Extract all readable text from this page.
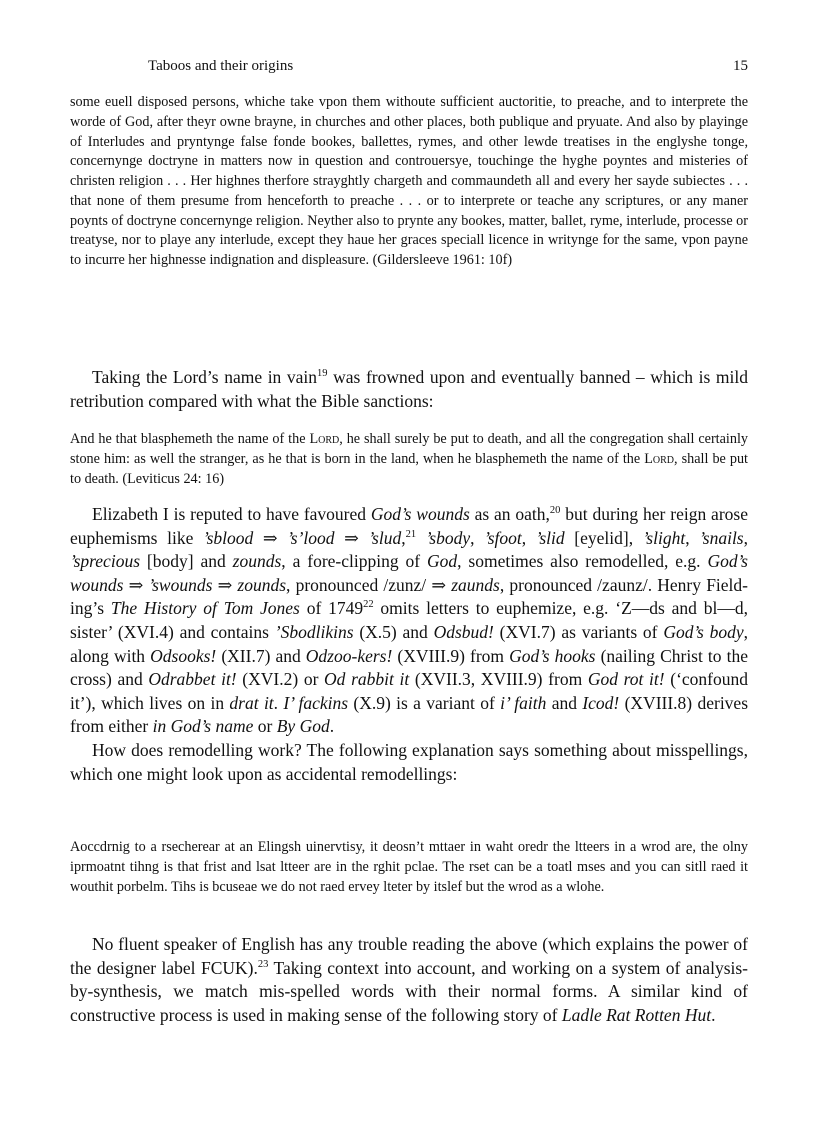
Taboos and their origins	15
some euell disposed persons, whiche take vpon them withoute sufficient auctoritie, to preache, and to interprete the worde of God, after theyr owne brayne, in churches and other places, both publique and pryuate. And also by playinge of Interludes and pryntynge false fonde bookes, ballettes, rymes, and other lewde treatises in the englyshe tonge, concernynge doctryne in matters now in question and controuersye, touchinge the hyghe poyntes and misteries of christen religion . . . Her highnes therfore strayghtly chargeth and commaundeth all and every her sayde subiectes . . . that none of them presume from henceforth to preache . . . or to interprete or teache any scriptures, or any maner poynts of doctryne concernynge religion. Neyther also to prynte any bookes, matter, ballet, ryme, interlude, processe or treatyse, nor to playe any interlude, except they haue her graces speciall licence in writynge for the same, vpon payne to incurre her highnesse indignation and displeasure. (Gildersleeve 1961: 10f)
Taking the Lord’s name in vain$^{19}$ was frowned upon and eventually banned – which is mild retribution compared with what the Bible sanctions:
And he that blasphemeth the name of the Lord, he shall surely be put to death, and all the congregation shall certainly stone him: as well the stranger, as he that is born in the land, when he blasphemeth the name of the Lord, shall be put to death. (Leviticus 24: 16)

Elizabeth I is reputed to have favoured God’s wounds as an oath,$^{20}$ but during her reign arose euphemisms like ’sblood ⇒ ’s’lood ⇒ ’slud,$^{21}$ ’sbody, ’sfoot, ’slid [eyelid], ’slight, ’snails, ’sprecious [body] and zounds, a fore-clipping of God, sometimes also remodelled, e.g. God’s wounds ⇒ ’swounds ⇒ zounds, pronounced /zunz/ ⇒ zaunds, pronounced /zaunz/. Henry Field-ing’s The History of Tom Jones of 1749$^{22}$ omits letters to euphemize, e.g. ‘Z—ds and bl—d, sister’ (XVI.4) and contains ’Sbodlikins (X.5) and Odsbud! (XVI.7) as variants of God’s body, along with Odsooks! (XII.7) and Odzoo-kers! (XVIII.9) from God’s hooks (nailing Christ to the cross) and Odrabbet it! (XVI.2) or Od rabbit it (XVII.3, XVIII.9) from God rot it! (‘confound it’), which lives on in drat it. I’ fackins (X.9) is a variant of i’ faith and Icod! (XVIII.8) derives from either in God’s name or By God.

How does remodelling work? The following explanation says something about misspellings, which one might look upon as accidental remodellings:

Aoccdrnig to a rsecherear at an Elingsh uinervtisy, it deosn’t mttaer in waht oredr the ltteers in a wrod are, the olny iprmoatnt tihng is that frist and lsat ltteer are in the rghit pclae. The rset can be a toatl mses and you can sitll raed it wouthit porbelm. Tihs is bcuseae we do not raed ervey lteter by itslef but the wrod as a wlohe.
No fluent speaker of English has any trouble reading the above (which explains the power of the designer label FCUK).$^{23}$ Taking context into account, and working on a system of analysis-by-synthesis, we match mis-spelled words with their normal forms. A similar kind of constructive process is used in making sense of the following story of Ladle Rat Rotten Hut.
